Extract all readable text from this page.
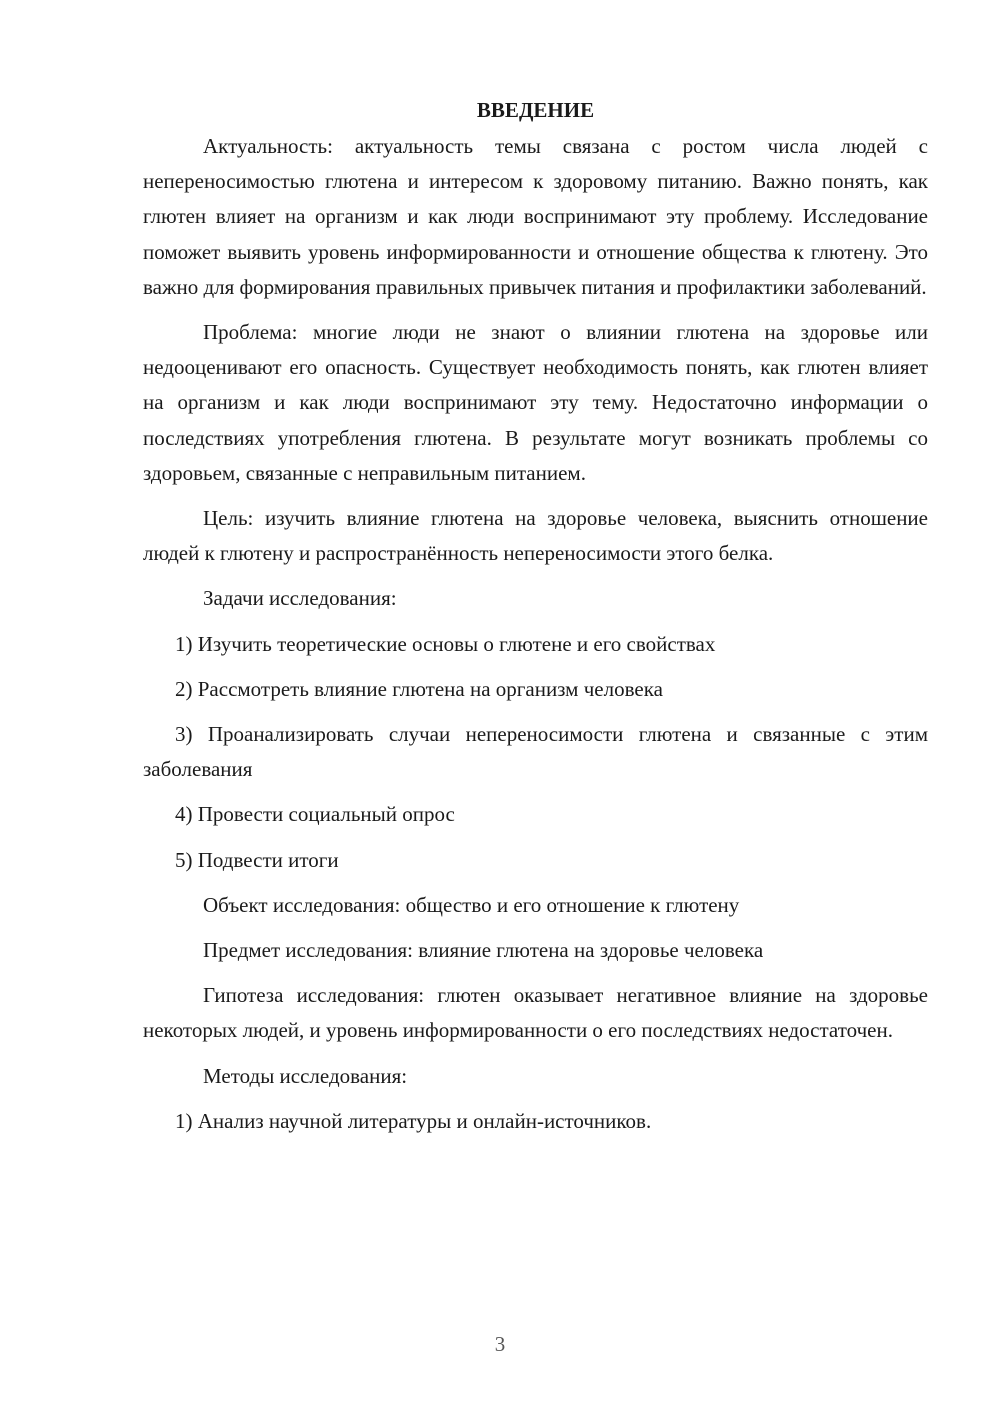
ВВЕДЕНИЕ

Актуальность: актуальность темы связана с ростом числа людей с непереносимостью глютена и интересом к здоровому питанию. Важно понять, как глютен влияет на организм и как люди воспринимают эту проблему. Исследование поможет выявить уровень информированности и отношение общества к глютену. Это важно для формирования правильных привычек питания и профилактики заболеваний.

Проблема: многие люди не знают о влиянии глютена на здоровье или недооценивают его опасность. Существует необходимость понять, как глютен влияет на организм и как люди воспринимают эту тему. Недостаточно информации о последствиях употребления глютена. В результате могут возникать проблемы со здоровьем, связанные с неправильным питанием.

Цель: изучить влияние глютена на здоровье человека, выяснить отношение людей к глютену и распространённость непереносимости этого белка.

Задачи исследования:

1) Изучить теоретические основы о глютене и его свойствах

2) Рассмотреть влияние глютена на организм человека

3) Проанализировать случаи непереносимости глютена и связанные с этим заболевания

4) Провести социальный опрос

5) Подвести итоги

Объект исследования: общество и его отношение к глютену

Предмет исследования: влияние глютена на здоровье человека

Гипотеза исследования: глютен оказывает негативное влияние на здоровье некоторых людей, и уровень информированности о его последствиях недостаточен.

Методы исследования:

1) Анализ научной литературы и онлайн-источников.

3
